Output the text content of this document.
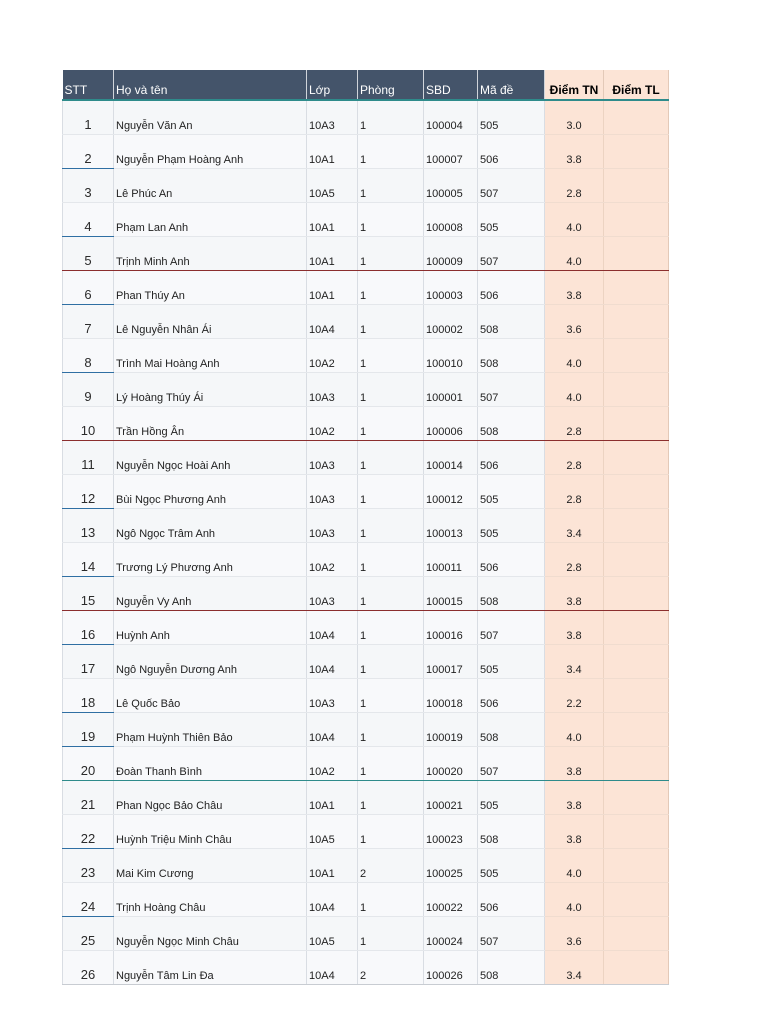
STT	Họ và tên	Lớp	Phòng	SBD	Mã đề	Điểm TN	Điểm TL
1	Nguyễn Văn An	10A3	1	100004	505	3.0	
2	Nguyễn Phạm Hoàng Anh	10A1	1	100007	506	3.8	
3	Lê Phúc An	10A5	1	100005	507	2.8	
4	Phạm Lan Anh	10A1	1	100008	505	4.0	
5	Trịnh Minh Anh	10A1	1	100009	507	4.0	
6	Phan Thúy An	10A1	1	100003	506	3.8	
7	Lê Nguyễn Nhân Ái	10A4	1	100002	508	3.6	
8	Trình Mai Hoàng Anh	10A2	1	100010	508	4.0	
9	Lý Hoàng Thúy Ái	10A3	1	100001	507	4.0	
10	Trần Hồng Ân	10A2	1	100006	508	2.8	
11	Nguyễn Ngọc Hoài Anh	10A3	1	100014	506	2.8	
12	Bùi Ngọc Phương Anh	10A3	1	100012	505	2.8	
13	Ngô Ngọc Trâm Anh	10A3	1	100013	505	3.4	
14	Trương Lý Phương Anh	10A2	1	100011	506	2.8	
15	Nguyễn Vy Anh	10A3	1	100015	508	3.8	
16	Huỳnh Anh	10A4	1	100016	507	3.8	
17	Ngô Nguyễn Dương Anh	10A4	1	100017	505	3.4	
18	Lê Quốc Bảo	10A3	1	100018	506	2.2	
19	Phạm Huỳnh Thiên Bảo	10A4	1	100019	508	4.0	
20	Đoàn Thanh Bình	10A2	1	100020	507	3.8	
21	Phan Ngọc Bảo Châu	10A1	1	100021	505	3.8	
22	Huỳnh Triệu Minh Châu	10A5	1	100023	508	3.8	
23	Mai Kim Cương	10A1	2	100025	505	4.0	
24	Trịnh Hoàng Châu	10A4	1	100022	506	4.0	
25	Nguyễn Ngọc Minh Châu	10A5	1	100024	507	3.6	
26	Nguyễn Tâm Lin Đa	10A4	2	100026	508	3.4	
